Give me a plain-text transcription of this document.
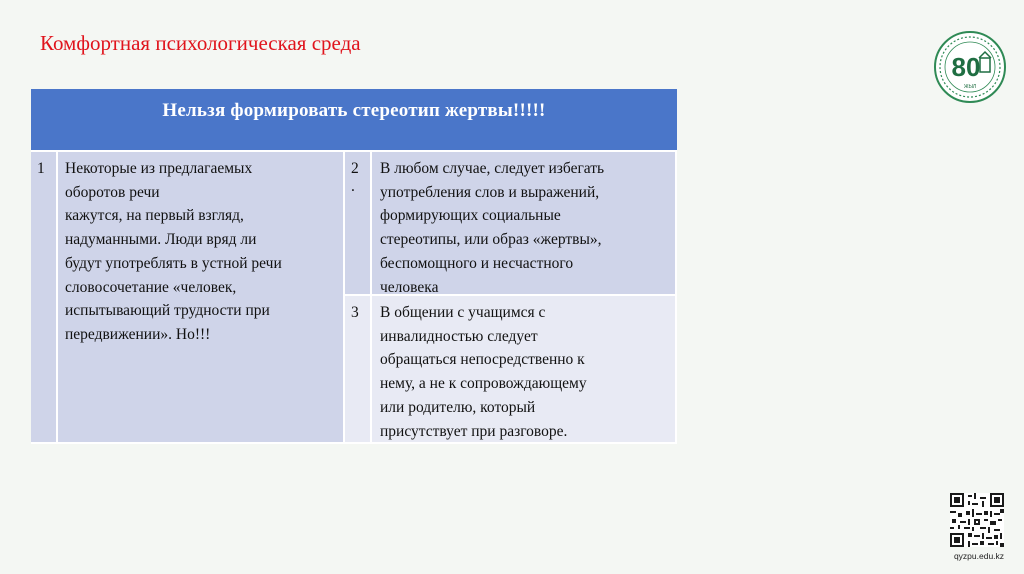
Комфортная психологическая среда
80
ЖЫЛ
Нельзя формировать стереотип жертвы!!!!!
1	Некоторые из предлагаемых
оборотов речи
кажутся, на первый взгляд,
надуманными. Люди вряд ли
будут употреблять в устной речи
словосочетание «человек,
испытывающий трудности при
передвижении». Но!!!
2
.
В любом случае, следует избегать
употребления слов и выражений,
формирующих социальные
стереотипы, или образ «жертвы»,
беспомощного и несчастного
человека
3	В общении с учащимся с
инвалидностью следует
обращаться непосредственно к
нему, а не к сопровождающему
или родителю, который
присутствует при разговоре.
qyzpu.edu.kz
